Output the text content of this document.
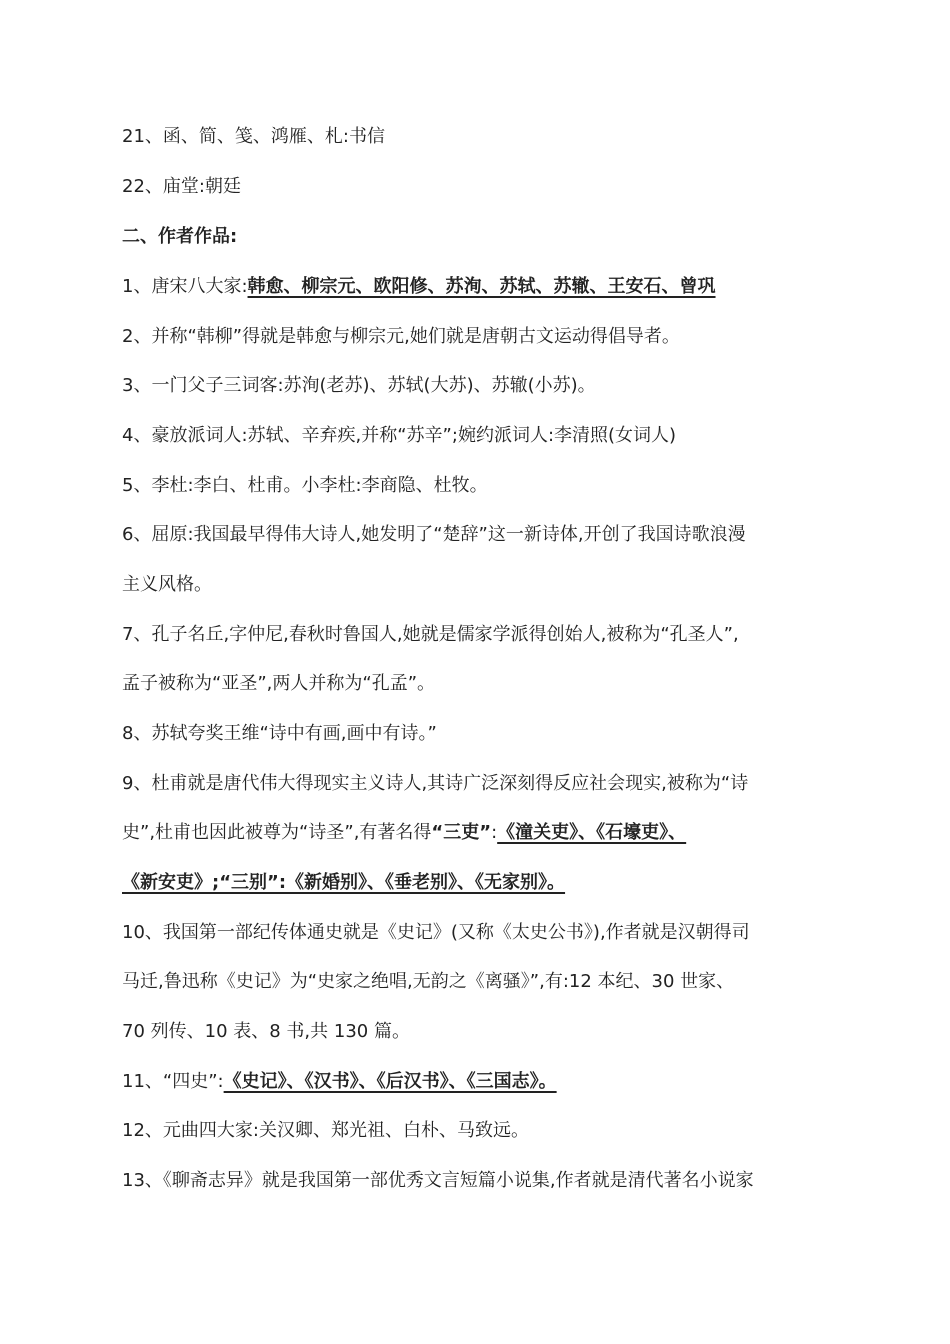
21、函、简、笺、鸿雁、札:书信
22、庙堂:朝廷
二、作者作品:
1、唐宋八大家:韩愈、柳宗元、欧阳修、苏洵、苏轼、苏辙、王安石、曾巩
2、并称“韩柳”得就是韩愈与柳宗元,她们就是唐朝古文运动得倡导者。
3、一门父子三词客:苏洵(老苏)、苏轼(大苏)、苏辙(小苏)。
4、豪放派词人:苏轼、辛弃疾,并称“苏辛”;婉约派词人:李清照(女词人)
5、李杜:李白、杜甫。小李杜:李商隐、杜牧。
6、屈原:我国最早得伟大诗人,她发明了“楚辞”这一新诗体,开创了我国诗歌浪漫
主义风格。
7、孔子名丘,字仲尼,春秋时鲁国人,她就是儒家学派得创始人,被称为“孔圣人”,
孟子被称为“亚圣”,两人并称为“孔孟”。
8、苏轼夸奖王维“诗中有画,画中有诗。”
9、杜甫就是唐代伟大得现实主义诗人,其诗广泛深刻得反应社会现实,被称为“诗
史”,杜甫也因此被尊为“诗圣”,有著名得“三吏”:《潼关吏》、《石壕吏》、
《新安吏》;“三别”:《新婚别》、《垂老别》、《无家别》。
10、我国第一部纪传体通史就是《史记》(又称《太史公书》),作者就是汉朝得司
马迁,鲁迅称《史记》为“史家之绝唱,无韵之《离骚》”,有:12 本纪、30 世家、
70 列传、10 表、8 书,共 130 篇。
11、“四史”:《史记》、《汉书》、《后汉书》、《三国志》。
12、元曲四大家:关汉卿、郑光祖、白朴、马致远。
13、《聊斋志异》就是我国第一部优秀文言短篇小说集,作者就是清代著名小说家
